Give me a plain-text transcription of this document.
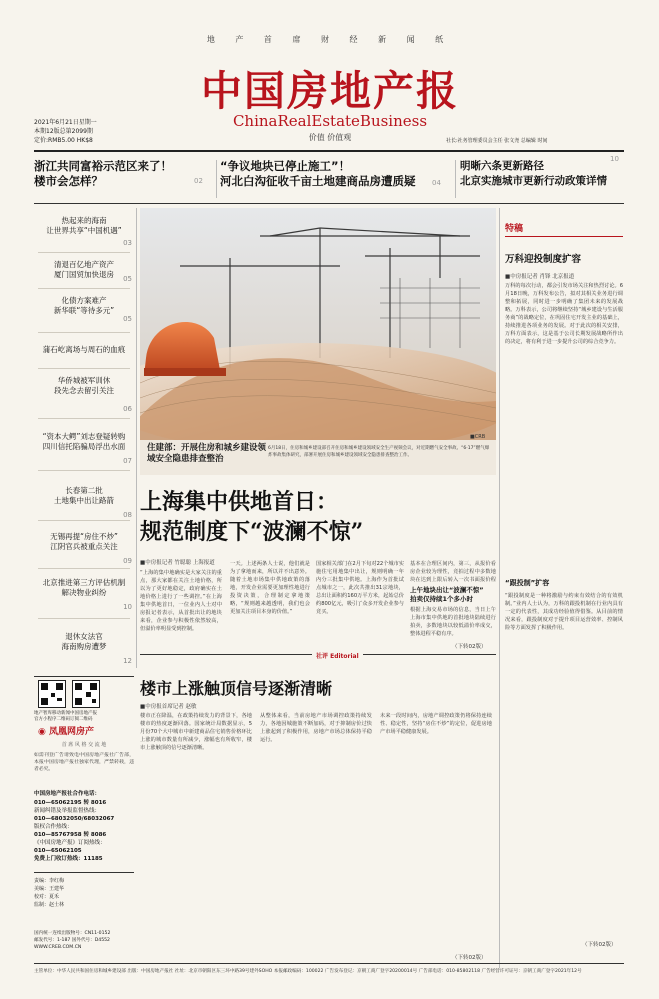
地 产 首 席 财 经 新 闻 纸
中国房地产报
ChinaRealEstateBusiness
价值 价值观
2021年6月21日星期一
本期12版总第2099期
定价:RMB5.00 HK$8	社长:社务管理委员会主任 张文尧 总编辑 时间
浙江共同富裕示范区来了！
楼市会怎样？	02
“争议地块已停止施工”！
河北白沟征收千亩土地建商品房遭质疑	04
明晰六条更新路径
北京实施城市更新行动政策详情
10
热起来的海南
让世界共享“中国机遇”
03
清退百亿地产资产
厦门国贸加快退房	05
化债方案难产
新华联“等待多元”
05
蒲石屹离场与周石的血痕
华侨城被军训休
段先念去留引关注
06
“资本大鳄”刘志登疑转购
四川信托陷骗局浮出水面
07
长春第二批
土地集中出让路箭
08
无锡再提“房住不炒”
江阴官兵被重点关注
09
北京推进第三方评估机制
解决物业纠纷
10
退休女法官
海南购房遭梦
12
住建部：开展住房和城乡建设领域安全隐患排查整治
6月18日，住房和城乡建设部召开住房和城乡建设领域安全生产视频会议，对近期燃气安全事故、“6·17”燃气爆炸事故集体研究，部署开展住房和城乡建设领域安全隐患排查整治工作。
■CRB
上海集中供地首日：
规范制度下“波澜不惊”
■中房报记者 竹聪聪 上海报道
“上海的集中地确实是大家关注的重点，那大家都在关注土地价格，所以为了更好地稳定，政府确实在土地价格上进行了一些调控。”在上海集中供地首日，一位业内人士对中房报记者表示，从首批出让的地块来看，企业参与积极性依然较高，但溢价率明显受到控制。
一天。上述两条人士说，他们就是为了拿地而来，所以并不出意外。随着土地市场集中供地政策的落地，开发企业需要更加理性地进行投资决策，合理制定拿地策略，“规则越来越透明，我们也会更加关注项目本身的价值。”
国家相关部门在2月下旬对22个城市实施住宅用地集中出让，规则明确一年内分三批集中供地。上海作为首批试点城市之一，此次共推出31宗地块，总出让面积约160万平方米，起始总价约800亿元，吸引了众多开发企业参与竞买。
基本在合理区间内，第三，从报价看房企业较为理性，竞拍过程中多数地块在达到上限后转入一次书面报价程
上午地块出让“波澜不惊”
拍卖仅持续1个多小时
根据上海交易市场的信息，当日上午上海市集中供地的首批地块陆续进行拍卖，多数地块以较低溢价率成交，整体进程平稳有序。
（下转02版）
特稿
万科迎投制度扩容
■中房报记者 肖锋 北京报道
万科的每次行动，都会引发市场关注和热烈讨论。6月18日晚，万科发布公告，拟对其相关业务进行调整和拓展，同时进一步明确了集团未来的发展战略。万科表示，公司将继续坚持“城乡建设与生活服务商”的战略定位，在巩固住宅开发主业的基础上，持续推进各项业务的发展。对于此次的相关安排，万科方面表示，这是基于公司长期发展战略所作出的决定，将有利于进一步提升公司的综合竞争力。
“跟投制”扩容
“跟投制度是一种将激励与约束有效结合的有效机制。”业内人士认为，万科的跟投机制在行业内具有一定的代表性，其成功经验值得借鉴。从目前的情况来看，跟投制度对于提升项目运营效率、控制风险等方面发挥了积极作用。
（下转02版）
社评 Editorial
楼市上涨触顶信号逐渐清晰
■中房报首席记者 赵敏
楼市正在降温，在政策持续发力的背景下，各地楼市的热度逐渐回落。国家统计局数据显示，5月份70个大中城市中新建商品住宅销售价格环比上涨的城市数量有所减少，涨幅也有所收窄，楼市上涨触顶的信号逐渐清晰。
从整体来看，当前房地产市场调控政策持续发力，各地因城施策不断加码，对于抑制房价过快上涨起到了积极作用，房地产市场总体保持平稳运行。
未来一段时间内，房地产调控政策仍将保持连续性、稳定性，坚持“房住不炒”的定位，促进房地产市场平稳健康发展。
（下转02版）
地产智库移动新闻
官方小程序二维码
中国房地产报
订阅二维码
◉ 凤凰网房产
首 席 风 格 交 流 地
如需刊登广告请致电中国房地产报社广告部，本报中国房地产报社独家代理，严禁转载，违者必究。
中国房地产报社合作电话：
010—65062195 转 8016
新闻纠错及举报监督热线：
010—68032050/68032067
版权合作热线：
010—85767958 转 8086
《中国房地产报》订阅热线：
010—65062105
免费上门收订热线：11185
责编：李红梅
美编：王建华
校对：夏禾
监制：赵士林
国内统一连续出版物号：CN11-0152
邮发代号：1-187 国外代号：D4552
WWW.CREB.COM.CN
主管单位：中华人民共和国住房和城乡建设部 出版：中国房地产报社 社址：北京市朝阳区东三环中路39号建外SOHO 本报邮政编码：100022 广告发布登记：京朝工商广登字20200014号 广告部电话：010-85802118 广告经营许可证号：京朝工商广登字2021年12号
